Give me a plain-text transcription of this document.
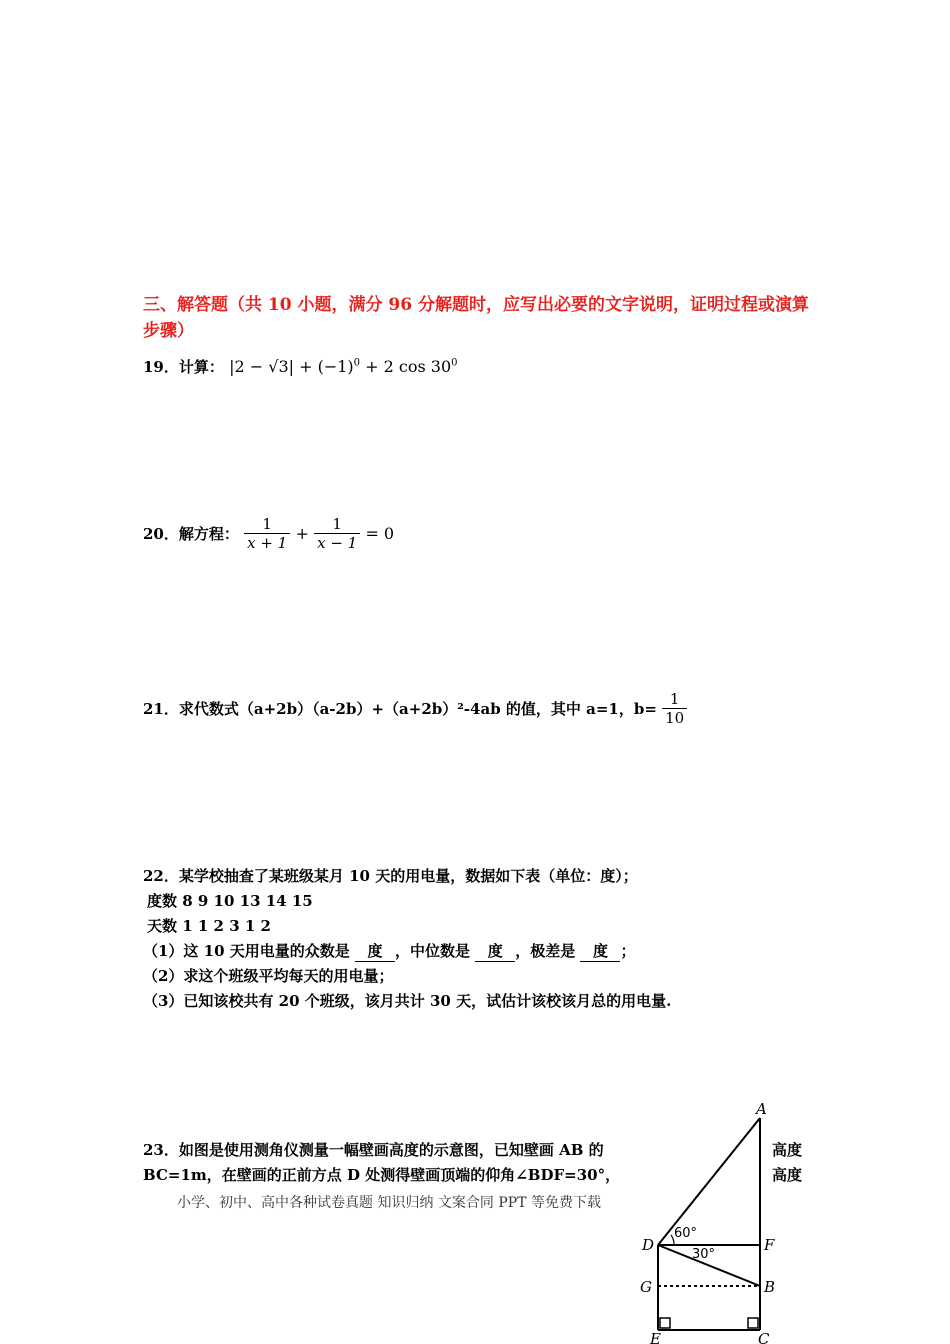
三、解答题（共 10 小题，满分 96 分解题时，应写出必要的文字说明，证明过程或演算步骤）
19．计算： $|2 - √3| + (-1)^0 + 2$ $\cos 30^0$
20．解方程： $\frac{1}{x + 1} + \frac{1}{x - 1} = 0$
21．求代数式（a+2b）（a-2b）+（a+2b）²-4ab 的值，其中 a=1，$b= \frac{1}{10}$
22．某学校抽查了某班级某月 10 天的用电量，数据如下表（单位：度）；
度数 8 9 10 13 14 15
天数 1 1 2 3 1 2
（1）这 10 天用电量的众数是 度 ，中位数是 度 ，极差是 度 ；
（2）求这个班级平均每天的用电量；
（3）已知该校共有 20 个班级，该月共计 30 天，试估计该校该月总的用电量.
23．如图是使用测角仪测量一幅壁画高度的示意图，已知壁画 AB 的	高度
BC=1m，在壁画的正前方点 D 处测得壁画顶端的仰角∠BDF=30°，	高度
小学、初中、高中各种试卷真题 知识归纳 文案合同 PPT 等免费下载
A
D	F
G	B
E	C
60°
30°
